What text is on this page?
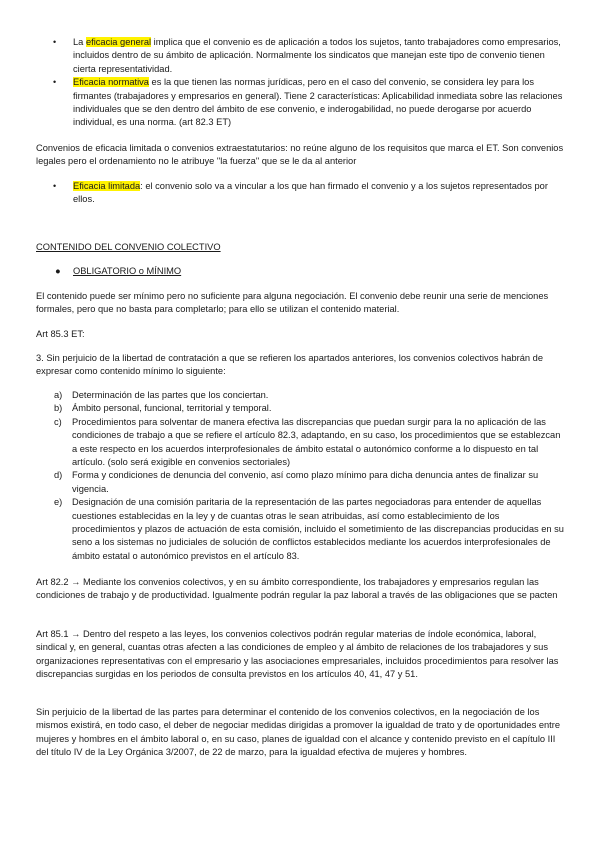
• La eficacia general implica que el convenio es de aplicación a todos los sujetos, tanto trabajadores como empresarios, incluidos dentro de su ámbito de aplicación. Normalmente los sindicatos que manejan este tipo de convenio tienen cierta representatividad.
• Eficacia normativa es la que tienen las normas jurídicas, pero en el caso del convenio, se considera ley para los firmantes (trabajadores y empresarios en general). Tiene 2 características: Aplicabilidad inmediata sobre las relaciones individuales que se den dentro del ámbito de ese convenio, e inderogabilidad, no puede derogarse por acuerdo individual, es una norma. (art 82.3 ET)
Convenios de eficacia limitada o convenios extraestatutarios: no reúne alguno de los requisitos que marca el ET. Son convenios legales pero el ordenamiento no le atribuye "la fuerza" que se le da al anterior
• Eficacia limitada: el convenio solo va a vincular a los que han firmado el convenio y a los sujetos representados por ellos.
CONTENIDO DEL CONVENIO COLECTIVO
● OBLIGATORIO o MÍNIMO
El contenido puede ser mínimo pero no suficiente para alguna negociación. El convenio debe reunir una serie de menciones formales, pero que no basta para completarlo; para ello se utilizan el contenido material.
Art 85.3 ET:
3. Sin perjuicio de la libertad de contratación a que se refieren los apartados anteriores, los convenios colectivos habrán de expresar como contenido mínimo lo siguiente:
a) Determinación de las partes que los conciertan.
b) Ámbito personal, funcional, territorial y temporal.
c) Procedimientos para solventar de manera efectiva las discrepancias que puedan surgir para la no aplicación de las condiciones de trabajo a que se refiere el artículo 82.3, adaptando, en su caso, los procedimientos que se establezcan a este respecto en los acuerdos interprofesionales de ámbito estatal o autonómico conforme a lo dispuesto en tal artículo. (solo será exigible en convenios sectoriales)
d) Forma y condiciones de denuncia del convenio, así como plazo mínimo para dicha denuncia antes de finalizar su vigencia.
e) Designación de una comisión paritaria de la representación de las partes negociadoras para entender de aquellas cuestiones establecidas en la ley y de cuantas otras le sean atribuidas, así como establecimiento de los procedimientos y plazos de actuación de esta comisión, incluido el sometimiento de las discrepancias producidas en su seno a los sistemas no judiciales de solución de conflictos establecidos mediante los acuerdos interprofesionales de ámbito estatal o autonómico previstos en el artículo 83.
Art 82.2 → Mediante los convenios colectivos, y en su ámbito correspondiente, los trabajadores y empresarios regulan las condiciones de trabajo y de productividad. Igualmente podrán regular la paz laboral a través de las obligaciones que se pacten
Art 85.1 → Dentro del respeto a las leyes, los convenios colectivos podrán regular materias de índole económica, laboral, sindical y, en general, cuantas otras afecten a las condiciones de empleo y al ámbito de relaciones de los trabajadores y sus organizaciones representativas con el empresario y las asociaciones empresariales, incluidos procedimientos para resolver las discrepancias surgidas en los periodos de consulta previstos en los artículos 40, 41, 47 y 51.
Sin perjuicio de la libertad de las partes para determinar el contenido de los convenios colectivos, en la negociación de los mismos existirá, en todo caso, el deber de negociar medidas dirigidas a promover la igualdad de trato y de oportunidades entre mujeres y hombres en el ámbito laboral o, en su caso, planes de igualdad con el alcance y contenido previsto en el capítulo III del título IV de la Ley Orgánica 3/2007, de 22 de marzo, para la igualdad efectiva de mujeres y hombres.
